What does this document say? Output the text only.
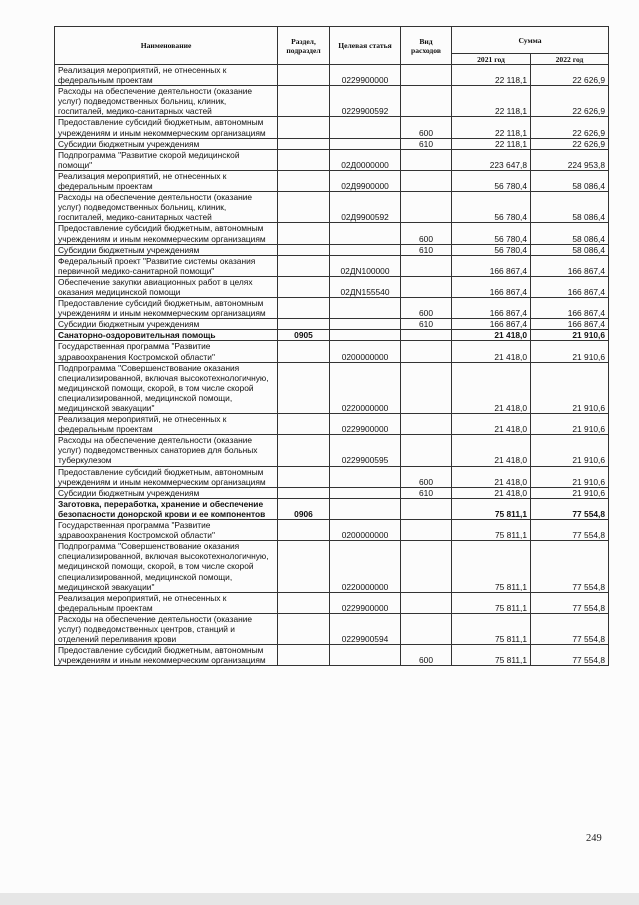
Наименование	Раздел, подраздел	Целевая статья	Вид расходов	Сумма	
				2021 год	2022 год
Реализация мероприятий, не отнесенных к федеральным проектам		0229900000		22 118,1	22 626,9
Расходы на обеспечение деятельности (оказание услуг) подведомственных больниц, клиник, госпиталей, медико-санитарных частей		0229900592		22 118,1	22 626,9
Предоставление субсидий бюджетным, автономным учреждениям и иным некоммерческим организациям			600	22 118,1	22 626,9
Субсидии бюджетным учреждениям			610	22 118,1	22 626,9
Подпрограмма "Развитие скорой медицинской помощи"		02Д0000000		223 647,8	224 953,8
Реализация мероприятий, не отнесенных к федеральным проектам		02Д9900000		56 780,4	58 086,4
Расходы на обеспечение деятельности (оказание услуг) подведомственных больниц, клиник, госпиталей, медико-санитарных частей		02Д9900592		56 780,4	58 086,4
Предоставление субсидий бюджетным, автономным учреждениям и иным некоммерческим организациям			600	56 780,4	58 086,4
Субсидии бюджетным учреждениям			610	56 780,4	58 086,4
Федеральный проект "Развитие системы оказания первичной медико-санитарной помощи"		02ДN100000		166 867,4	166 867,4
Обеспечение закупки авиационных работ в целях оказания медицинской помощи		02ДN155540		166 867,4	166 867,4
Предоставление субсидий бюджетным, автономным учреждениям и иным некоммерческим организациям			600	166 867,4	166 867,4
Субсидии бюджетным учреждениям			610	166 867,4	166 867,4
Санаторно-оздоровительная помощь	0905			21 418,0	21 910,6
Государственная программа "Развитие здравоохранения Костромской области"		0200000000		21 418,0	21 910,6
Подпрограмма "Совершенствование оказания специализированной, включая высокотехнологичную, медицинской помощи, скорой, в том числе скорой специализированной, медицинской помощи, медицинской эвакуации"		0220000000		21 418,0	21 910,6
Реализация мероприятий, не отнесенных к федеральным проектам		0229900000		21 418,0	21 910,6
Расходы на обеспечение деятельности (оказание услуг) подведомственных санаториев для больных туберкулезом		0229900595		21 418,0	21 910,6
Предоставление субсидий бюджетным, автономным учреждениям и иным некоммерческим организациям			600	21 418,0	21 910,6
Субсидии бюджетным учреждениям			610	21 418,0	21 910,6
Заготовка, переработка, хранение и обеспечение безопасности донорской крови и ее компонентов	0906			75 811,1	77 554,8
Государственная программа "Развитие здравоохранения Костромской области"		0200000000		75 811,1	77 554,8
Подпрограмма "Совершенствование оказания специализированной, включая высокотехнологичную, медицинской помощи, скорой, в том числе скорой специализированной, медицинской помощи, медицинской эвакуации"		0220000000		75 811,1	77 554,8
Реализация мероприятий, не отнесенных к федеральным проектам		0229900000		75 811,1	77 554,8
Расходы на обеспечение деятельности (оказание услуг) подведомственных центров, станций и отделений переливания крови		0229900594		75 811,1	77 554,8
Предоставление субсидий бюджетным, автономным учреждениям и иным некоммерческим организациям			600	75 811,1	77 554,8
249
